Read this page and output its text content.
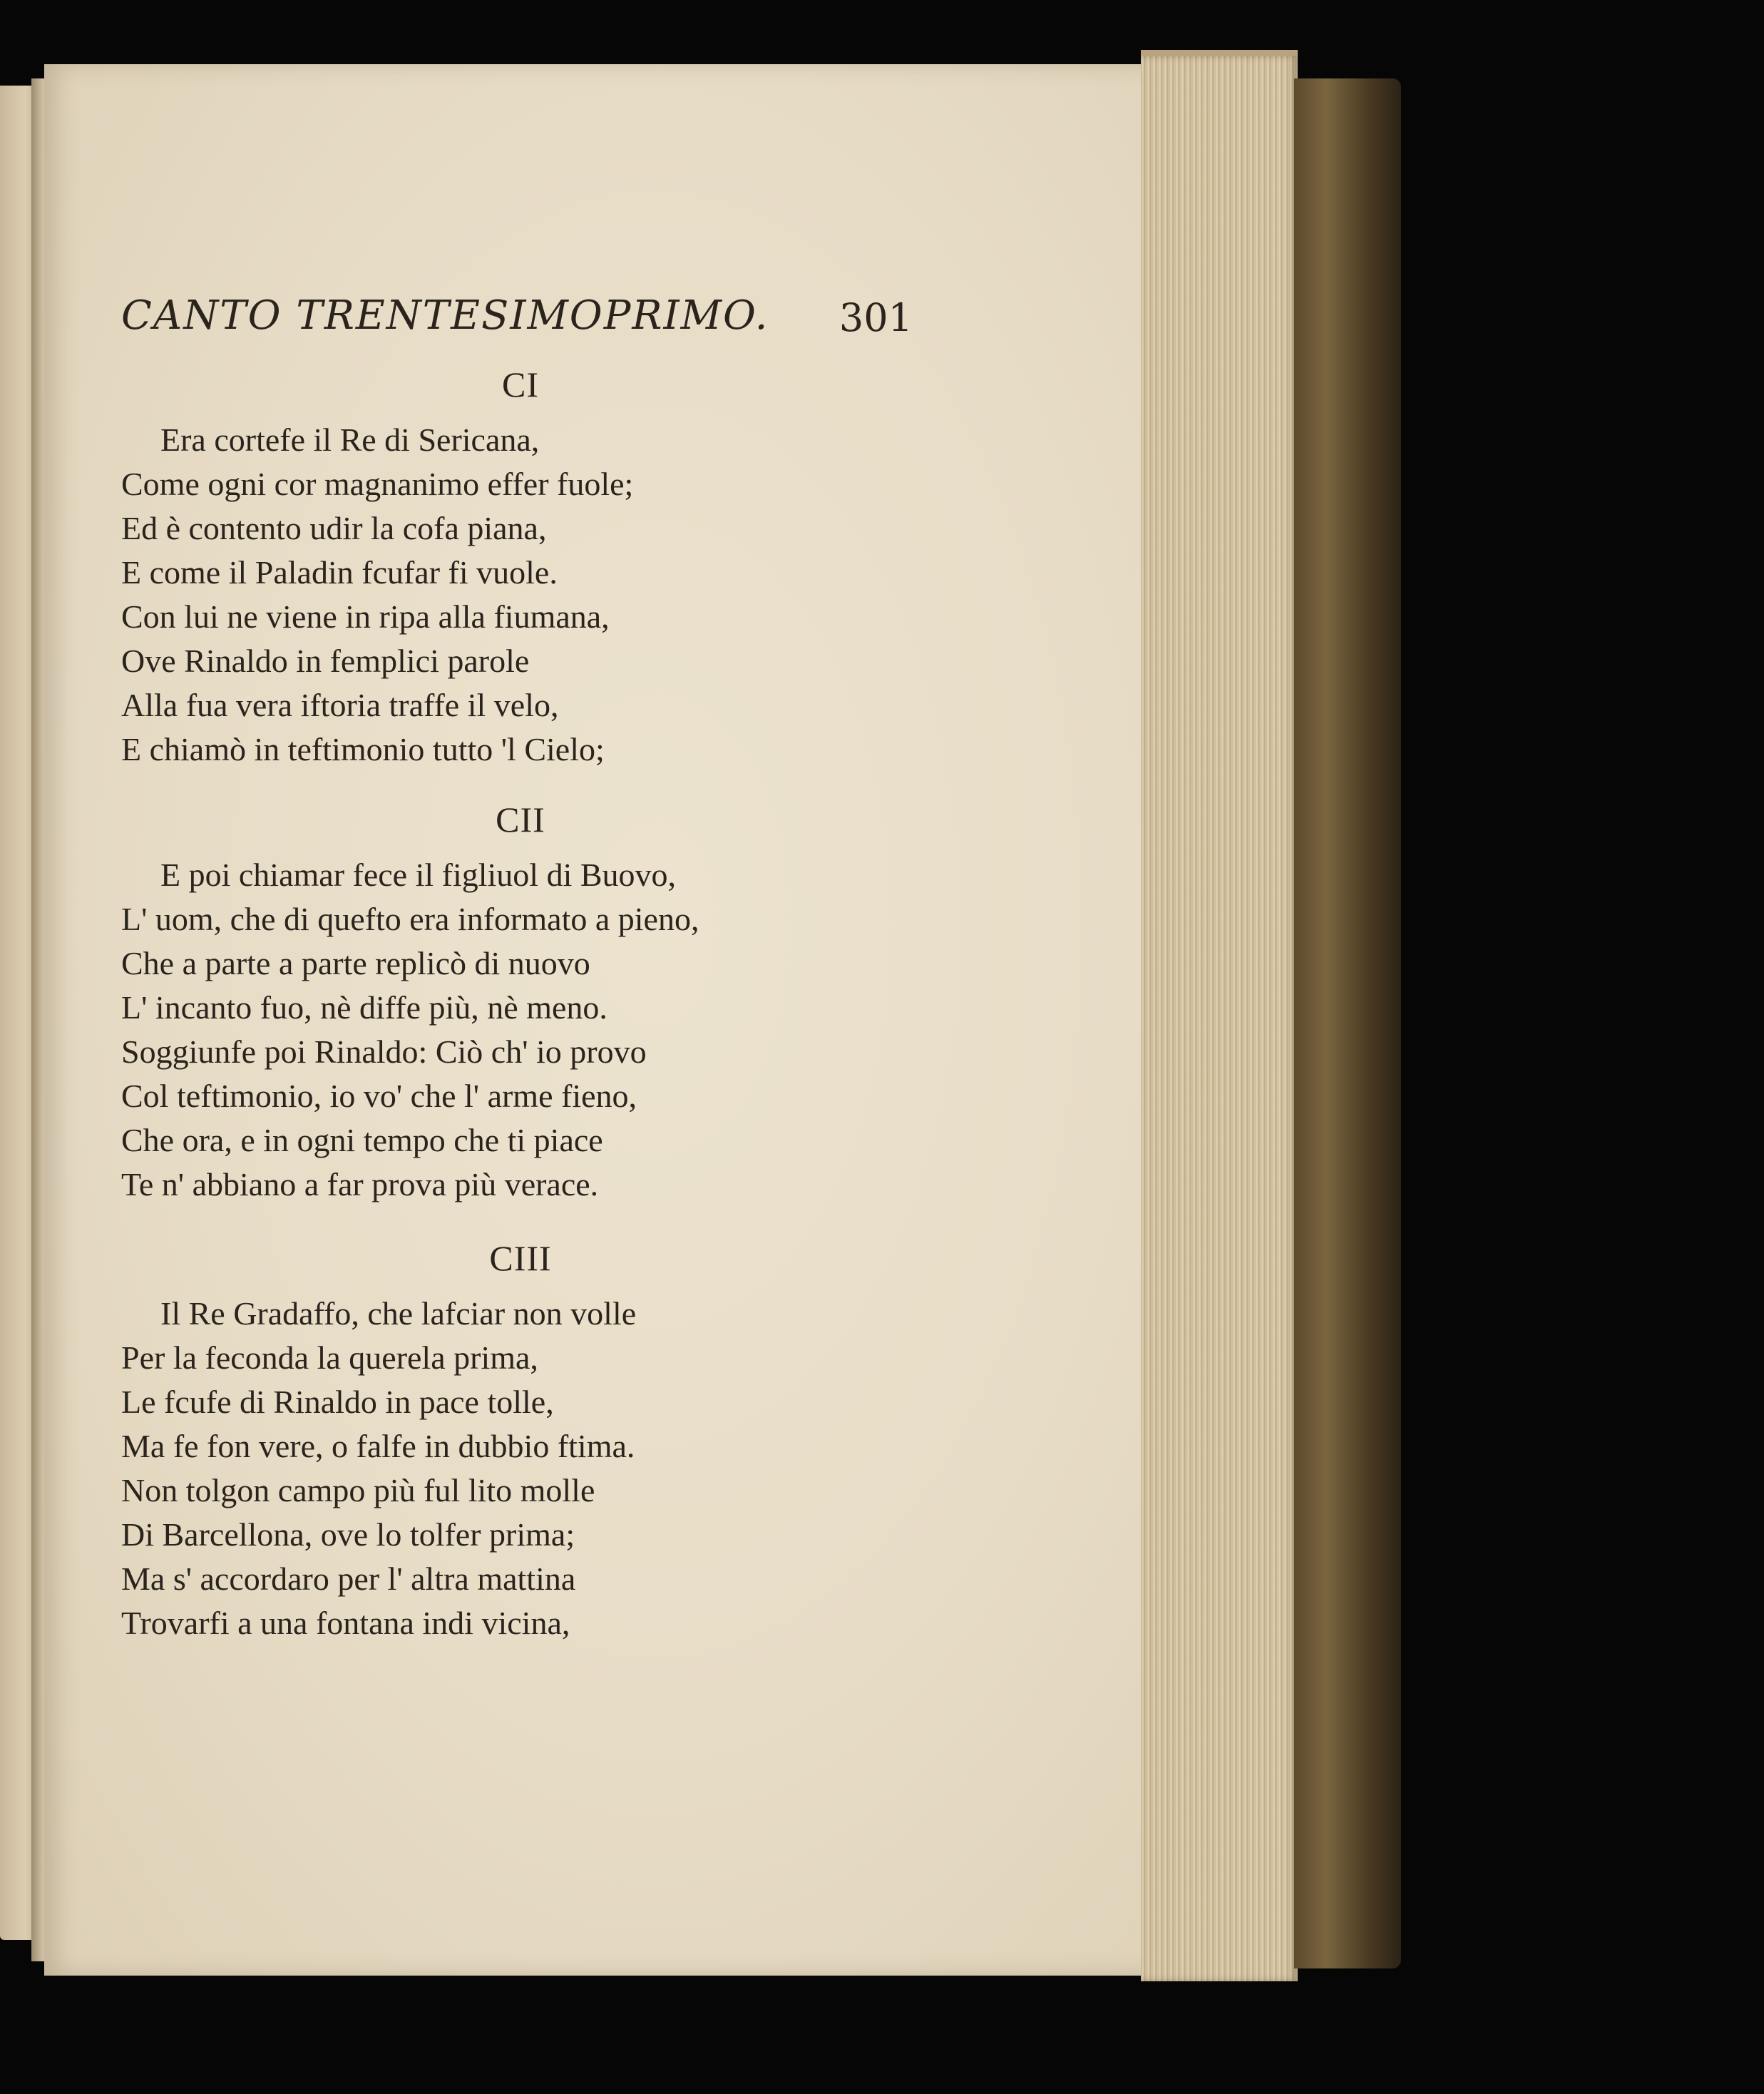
CANTO TRENTESIMOPRIMO. 301
CI
Era cortefe il Re di Sericana,
Come ogni cor magnanimo effer fuole;
Ed è contento udir la cofa piana,
E come il Paladin fcufar fi vuole.
Con lui ne viene in ripa alla fiumana,
Ove Rinaldo in femplici parole
Alla fua vera iftoria traffe il velo,
E chiamò in teftimonio tutto 'l Cielo;
CII
E poi chiamar fece il figliuol di Buovo,
L' uom, che di quefto era informato a pieno,
Che a parte a parte replicò di nuovo
L' incanto fuo, nè diffe più, nè meno.
Soggiunfe poi Rinaldo: Ciò ch' io provo
Col teftimonio, io vo' che l' arme fieno,
Che ora, e in ogni tempo che ti piace
Te n' abbiano a far prova più verace.
CIII
Il Re Gradaffo, che lafciar non volle
Per la feconda la querela prima,
Le fcufe di Rinaldo in pace tolle,
Ma fe fon vere, o falfe in dubbio ftima.
Non tolgon campo più ful lito molle
Di Barcellona, ove lo tolfer prima;
Ma s' accordaro per l' altra mattina
Trovarfi a una fontana indi vicina,
